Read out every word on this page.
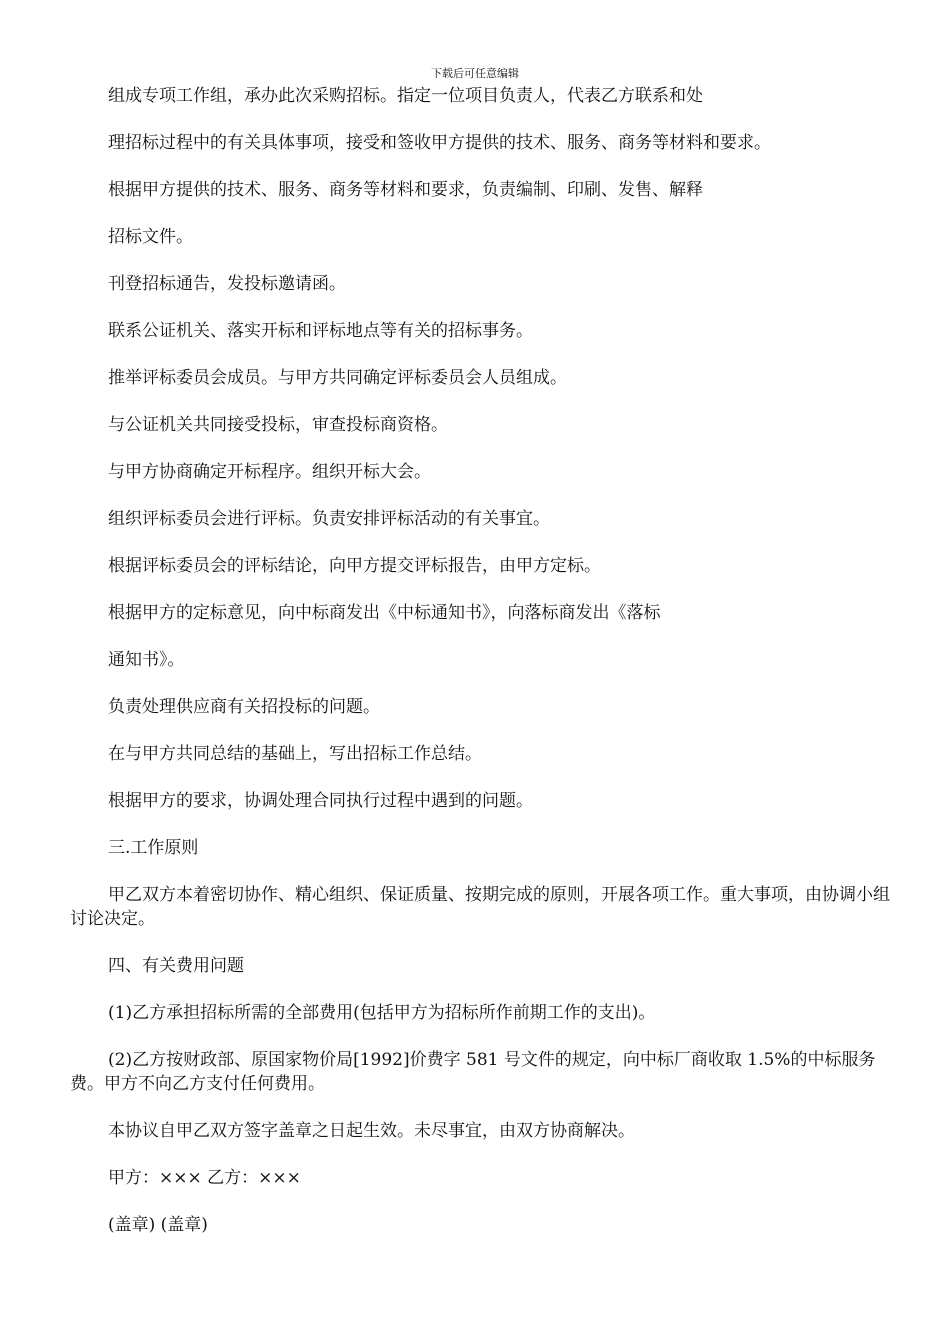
下载后可任意编辑
组成专项工作组，承办此次采购招标。指定一位项目负责人，代表乙方联系和处
理招标过程中的有关具体事项，接受和签收甲方提供的技术、服务、商务等材料和要求。
根据甲方提供的技术、服务、商务等材料和要求，负责编制、印刷、发售、解释
招标文件。
刊登招标通告，发投标邀请函。
联系公证机关、落实开标和评标地点等有关的招标事务。
推举评标委员会成员。与甲方共同确定评标委员会人员组成。
与公证机关共同接受投标，审查投标商资格。
与甲方协商确定开标程序。组织开标大会。
组织评标委员会进行评标。负责安排评标活动的有关事宜。
根据评标委员会的评标结论，向甲方提交评标报告，由甲方定标。
根据甲方的定标意见，向中标商发出《中标通知书》，向落标商发出《落标
通知书》。
负责处理供应商有关招投标的问题。
在与甲方共同总结的基础上，写出招标工作总结。
根据甲方的要求，协调处理合同执行过程中遇到的问题。
三.工作原则
甲乙双方本着密切协作、精心组织、保证质量、按期完成的原则，开展各项工作。重大事项，由协调小组讨论决定。
四、有关费用问题
(1)乙方承担招标所需的全部费用(包括甲方为招标所作前期工作的支出)。
(2)乙方按财政部、原国家物价局[1992]价费字 581 号文件的规定，向中标厂商收取 1.5%的中标服务费。甲方不向乙方支付任何费用。
本协议自甲乙双方签字盖章之日起生效。未尽事宜，由双方协商解决。
甲方：××× 乙方：×××
(盖章) (盖章)
